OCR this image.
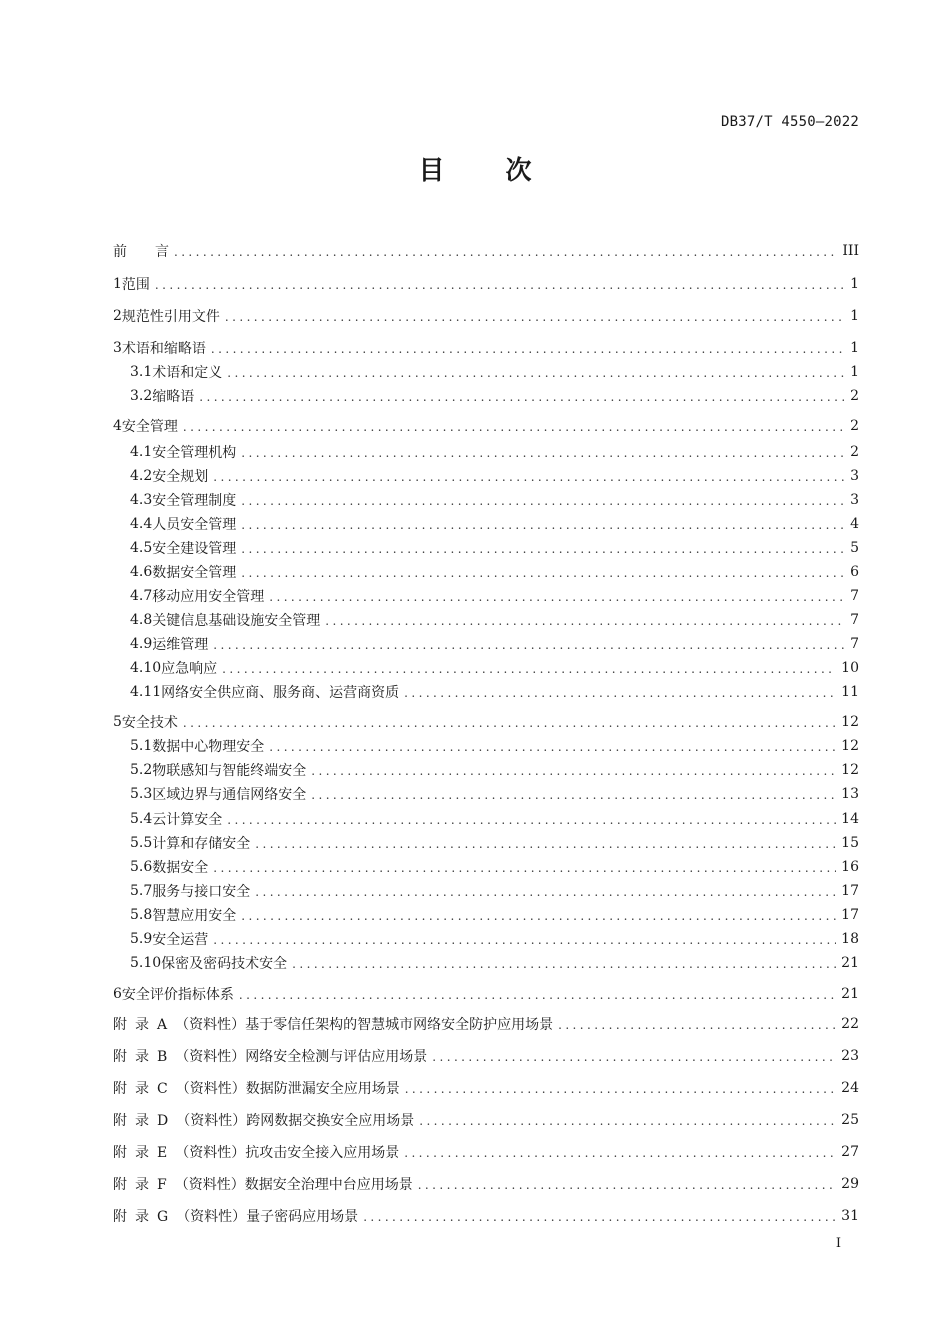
DB37/T 4550—2022
目 次
前　　言 .....	III
1 范围 .....	1
2 规范性引用文件 .....	1
3 术语和缩略语 .....	1
3.1 术语和定义 .....	1
3.2 缩略语 .....	2
4 安全管理 .....	2
4.1 安全管理机构 .....	2
4.2 安全规划 .....	3
4.3 安全管理制度 .....	3
4.4 人员安全管理 .....	4
4.5 安全建设管理 .....	5
4.6 数据安全管理 .....	6
4.7 移动应用安全管理 .....	7
4.8 关键信息基础设施安全管理 .....	7
4.9 运维管理 .....	7
4.10 应急响应 .....	10
4.11 网络安全供应商、服务商、运营商资质 .....	11
5 安全技术 .....	12
5.1 数据中心物理安全 .....	12
5.2 物联感知与智能终端安全 .....	12
5.3 区域边界与通信网络安全 .....	13
5.4 云计算安全 .....	14
5.5 计算和存储安全 .....	15
5.6 数据安全 .....	16
5.7 服务与接口安全 .....	17
5.8 智慧应用安全 .....	17
5.9 安全运营 .....	18
5.10 保密及密码技术安全 .....	21
6 安全评价指标体系 .....	21
附录A （资料性）基于零信任架构的智慧城市网络安全防护应用场景 .....	22
附录B （资料性）网络安全检测与评估应用场景 .....	23
附录C （资料性）数据防泄漏安全应用场景 .....	24
附录D （资料性）跨网数据交换安全应用场景 .....	25
附录E （资料性）抗攻击安全接入应用场景 .....	27
附录F （资料性）数据安全治理中台应用场景 .....	29
附录G （资料性）量子密码应用场景 .....	31
I
